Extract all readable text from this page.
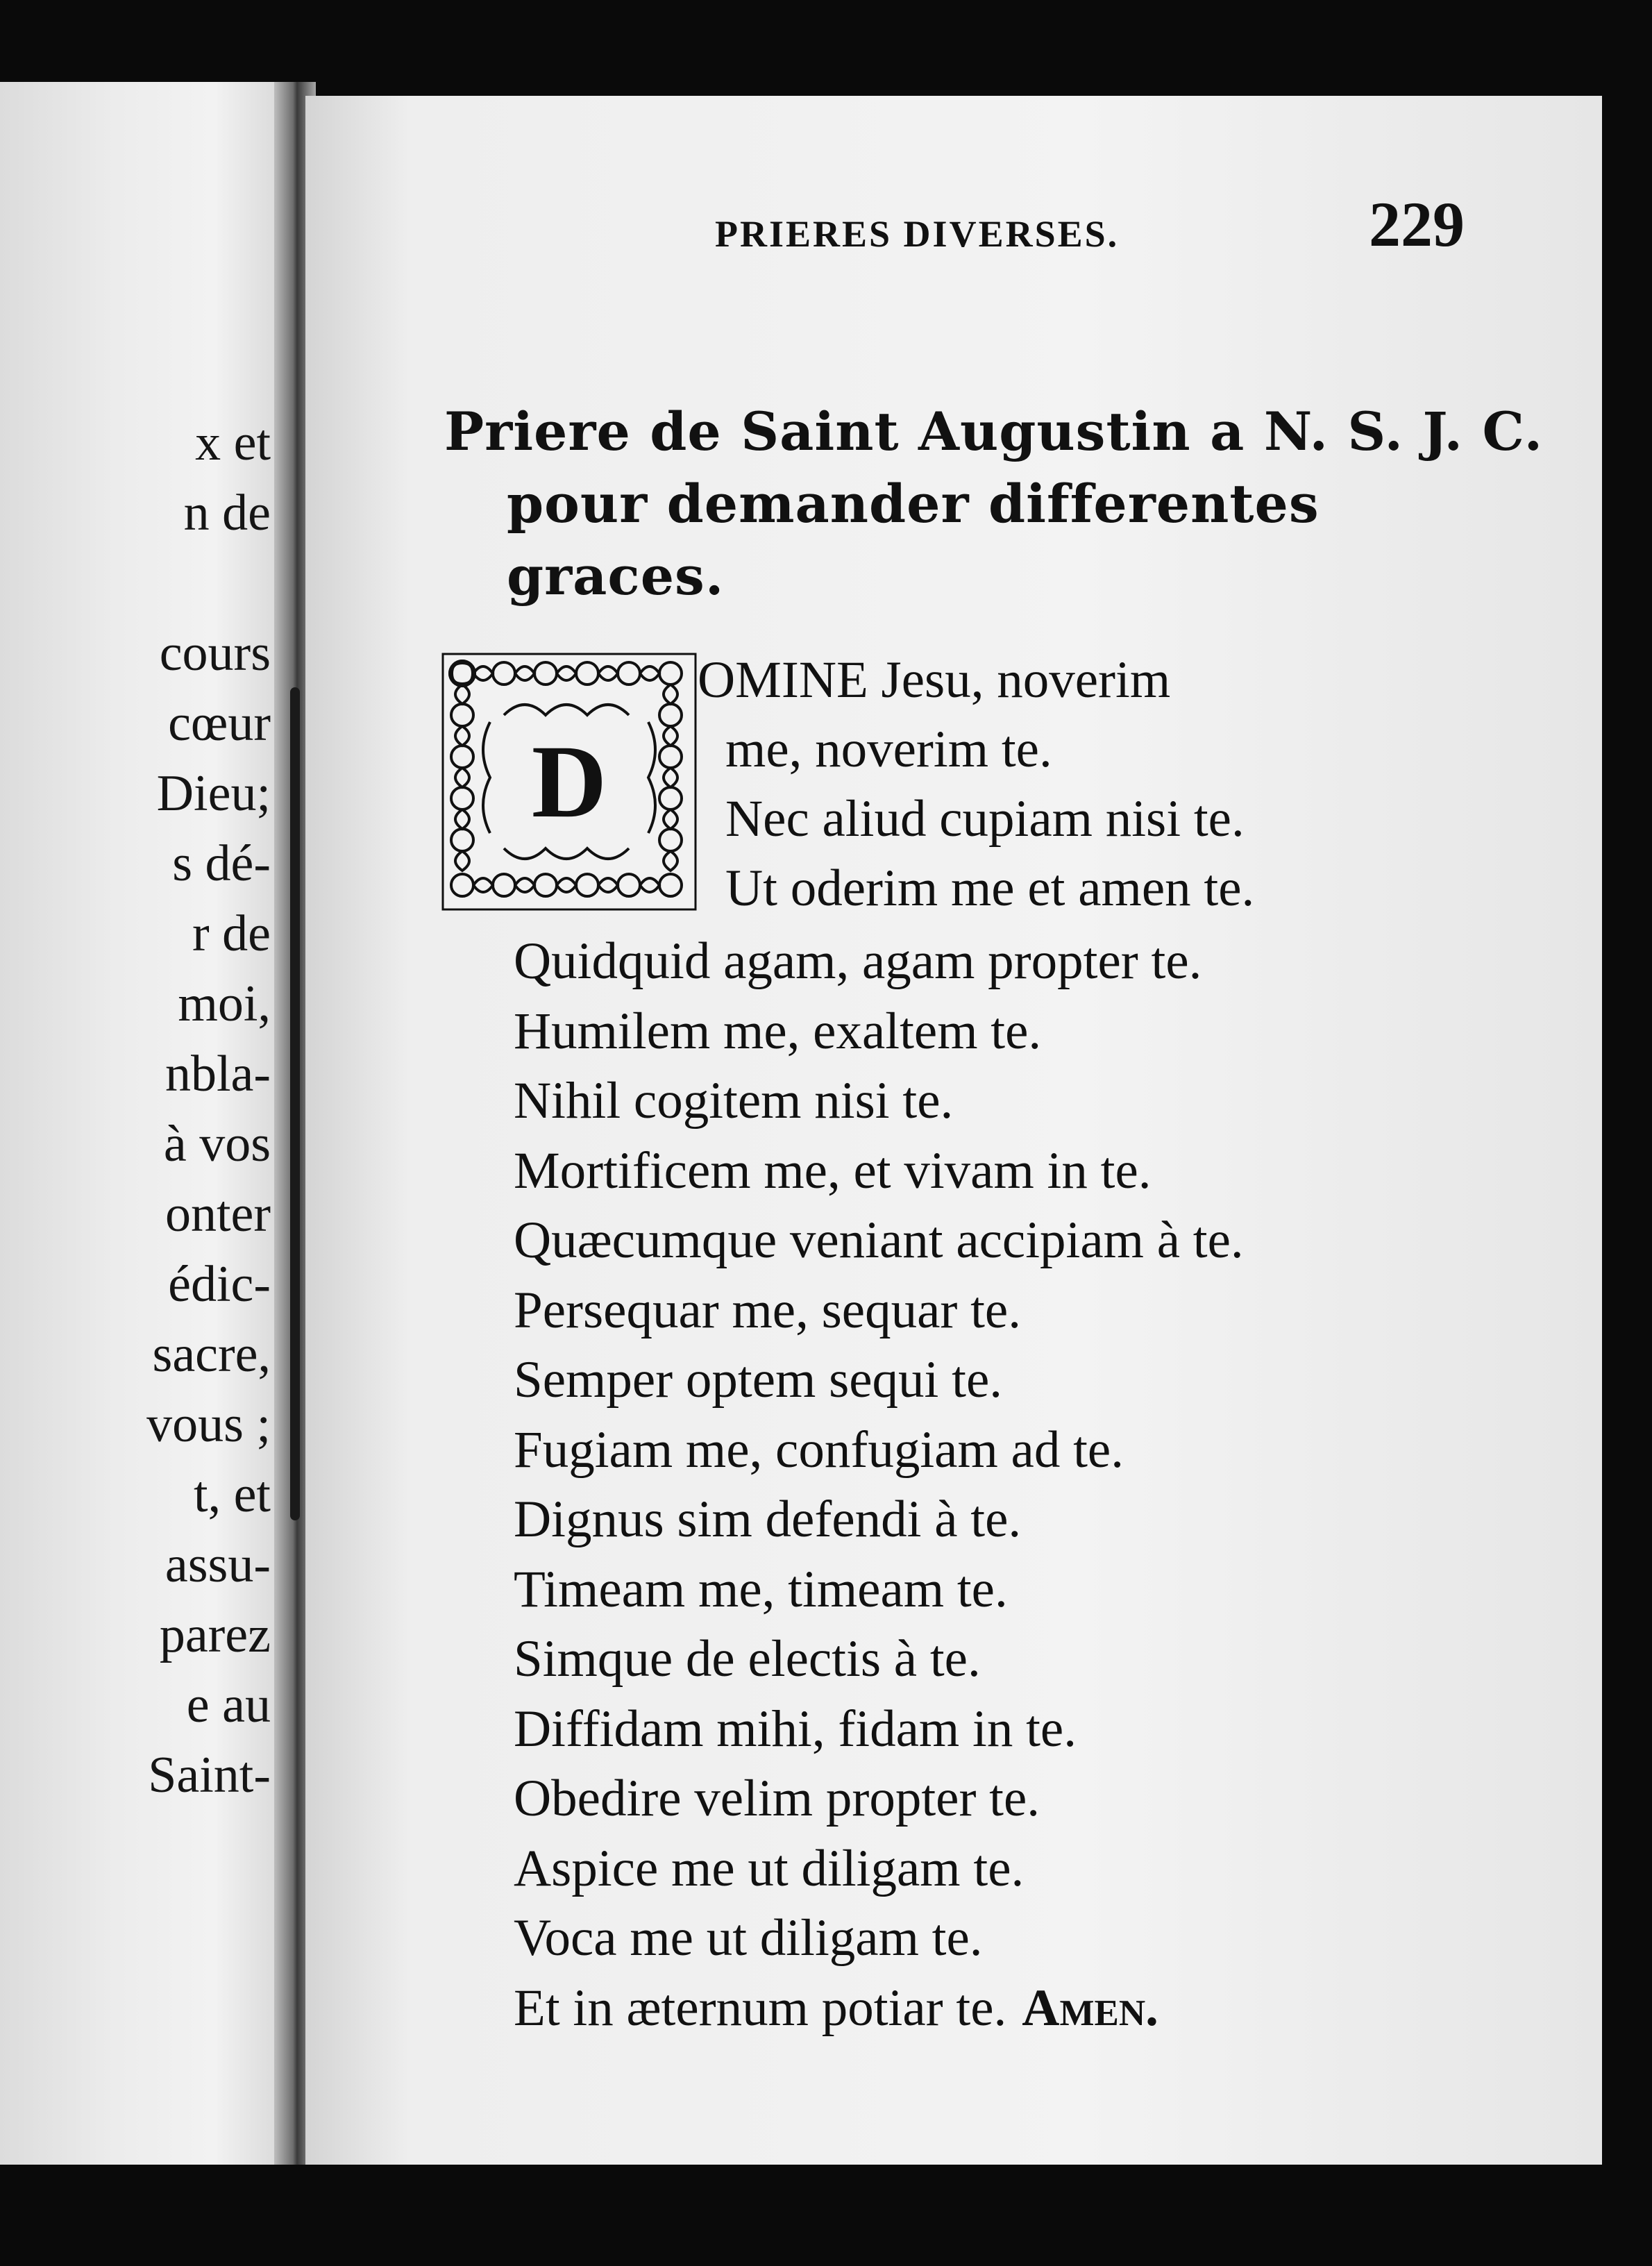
x et
n de

cours
cœur
Dieu;
s dé-
r de
moi,
nbla-
à vos
onter
édic-
sacre,
vous ;
t, et
assu-
parez
e au
Saint-
PRIERES DIVERSES.	229
Priere de Saint Augustin a N. S. J. C. pour demander differentes graces.
D
OMINE Jesu, noverim
me, noverim te.
Nec aliud cupiam nisi te.
Ut oderim me et amen te.
Quidquid agam, agam propter te.
Humilem me, exaltem te.
Nihil cogitem nisi te.
Mortificem me, et vivam in te.
Quæcumque veniant accipiam à te.
Persequar me, sequar te.
Semper optem sequi te.
Fugiam me, confugiam ad te.
Dignus sim defendi à te.
Timeam me, timeam te.
Simque de electis à te.
Diffidam mihi, fidam in te.
Obedire velim propter te.
Aspice me ut diligam te.
Voca me ut diligam te.
Et in æternum potiar te. Amen.
